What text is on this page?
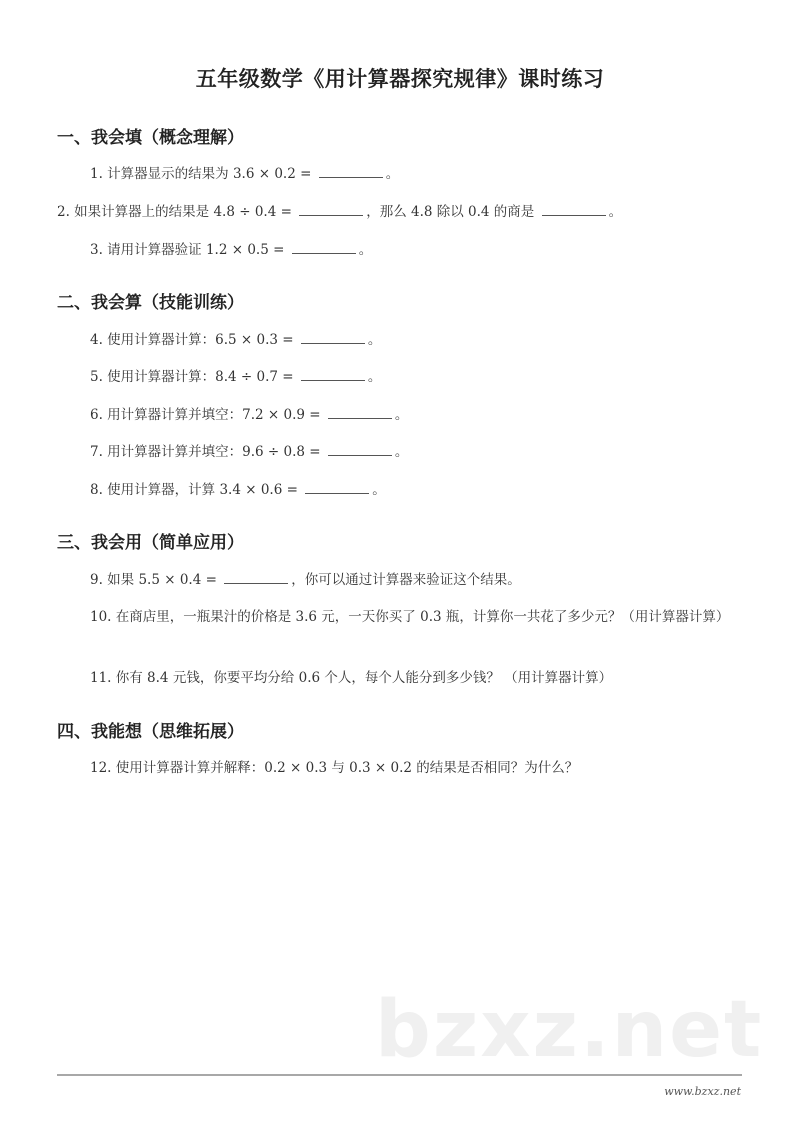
五年级数学《用计算器探究规律》课时练习
一、我会填（概念理解）
1. 计算器显示的结果为 3.6 × 0.2 =	。
2. 如果计算器上的结果是 4.8 ÷ 0.4 =	，那么 4.8 除以 0.4 的商是	。
3. 请用计算器验证 1.2 × 0.5 =	。
二、我会算（技能训练）
4. 使用计算器计算：6.5 × 0.3 =	。
5. 使用计算器计算：8.4 ÷ 0.7 =	。
6. 用计算器计算并填空：7.2 × 0.9 =	。
7. 用计算器计算并填空：9.6 ÷ 0.8 =	。
8. 使用计算器，计算 3.4 × 0.6 =	。
三、我会用（简单应用）
9. 如果 5.5 × 0.4 =	，你可以通过计算器来验证这个结果。
10. 在商店里，一瓶果汁的价格是 3.6 元，一天你买了 0.3 瓶，计算你一共花了多少元？（用计算器计算）
11. 你有 8.4 元钱，你要平均分给 0.6 个人，每个人能分到多少钱？ （用计算器计算）
四、我能想（思维拓展）
12. 使用计算器计算并解释：0.2 × 0.3 与 0.3 × 0.2 的结果是否相同？为什么？
bzxz.net
www.bzxz.net
